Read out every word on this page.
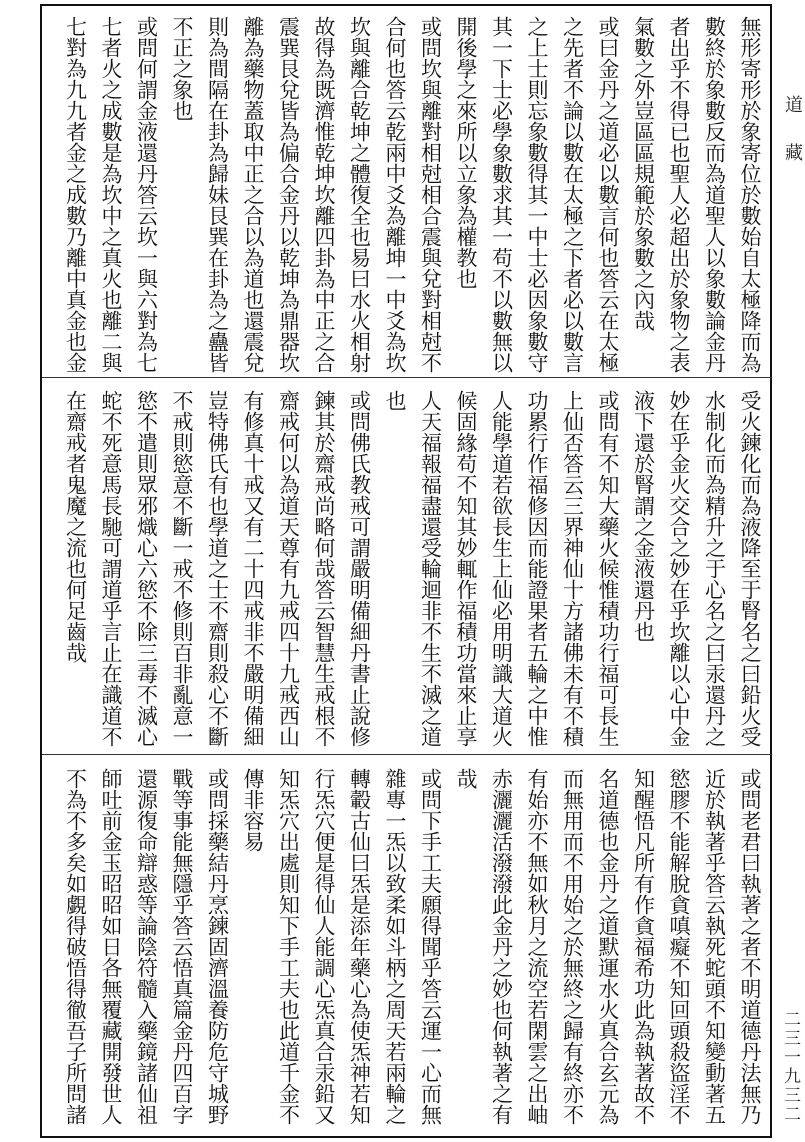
無形寄形於象寄位於數始自太極降而為
數終於象數反而為道聖人以象數論金丹
者出乎不得已也聖人必超出於象物之表
氣數之外豈區區規範於象數之內哉
或曰金丹之道必以數言何也答云在太極
之先者不論以數在太極之下者必以數言
之上士則忘象數得其一中士必因象數守
其一下士必學象數求其一苟不以數無以
開後學之來所以立象為權教也
或問坎與離對相尅相合震與兌對相尅不
合何也答云乾兩中爻為離坤一中爻為坎
坎與離合乾坤之體復全也易曰水火相射
故得為既濟惟乾坤坎離四卦為中正之合
震巽艮兌皆為偏合金丹以乾坤為鼎器坎
離為藥物蓋取中正之合以為道也還震兌
則為間隔在卦為歸妹艮巽在卦為之蠱皆
不正之象也
或問何謂金液還丹答云坎一與六對為七
七者火之成數是為坎中之真火也離二與
七對為九九者金之成數乃離中真金也金
受火鍊化而為液降至于腎名之曰鉛火受
水制化而為精升之于心名之曰汞還丹之
妙在乎金火交合之妙在乎坎離以心中金
液下還於腎謂之金液還丹也
或問有不知大藥火候惟積功行福可長生
上仙否答云三界神仙十方諸佛未有不積
功累行作福修因而能證果者五輪之中惟
人能學道若欲長生上仙必用明識大道火
候固緣苟不知其妙輒作福積功當來止享
人天福報福盡還受輪迴非不生不滅之道
也
或問佛氏教戒可謂嚴明備細丹書止說修
鍊其於齋戒尚略何哉答云智慧生戒根不
齋戒何以為道天尊有九戒四十九戒西山
有修真十戒又有二十四戒非不嚴明備細
豈特佛氏有也學道之士不齋則殺心不斷
不戒則慾意不斷一戒不修則百非亂意一
慾不遣則眾邪熾心六慾不除三毒不滅心
蛇不死意馬長馳可謂道乎言止在識道不
在齋戒者鬼魔之流也何足齒哉
或問老君曰執著之者不明道德丹法無乃
近於執著乎答云執死蛇頭不知變動著五
慾膠不能解脫貪嗔癡不知回頭殺盜淫不
知醒悟凡所有作貪福希功此為執著故不
名道德也金丹之道默運水火真合玄元為
而無用而不用始之於無終之歸有終亦不
有始亦不無如秋月之流空若閑雲之出岫
赤灑灑活潑潑此金丹之妙也何執著之有
哉
或問下手工夫願得聞乎答云運一心而無
雜專一炁以致柔如斗柄之周天若兩輪之
轉轂古仙曰炁是添年藥心為使炁神若知
行炁穴便是得仙人能調心炁真合汞鉛又
知炁穴出處則知下手工夫也此道千金不
傳非容易
或問採藥結丹烹鍊固濟溫養防危守城野
戰等事能無隱乎答云悟真篇金丹四百字
還源復命辯惑等論陰符髓入藥鏡諸仙祖
師吐前金玉昭昭如日各無覆藏開發世人
不為不多矣如覷得破悟得徹吾子所問諸
道藏
二三一九三二
